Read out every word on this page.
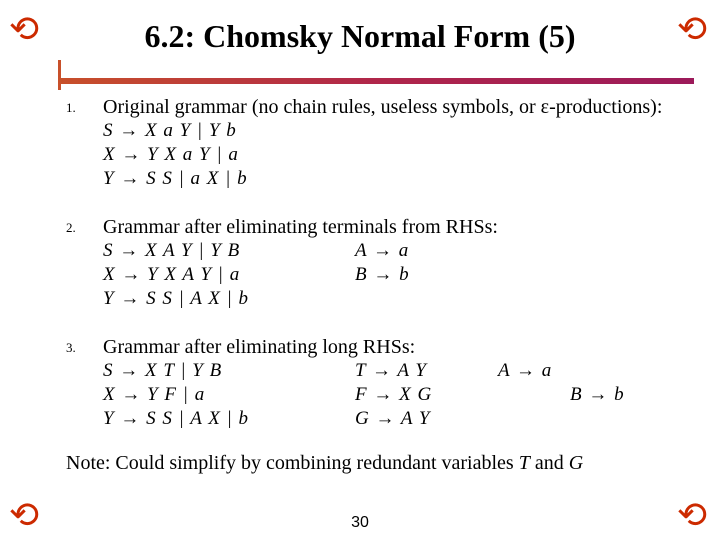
⟲	⟲
⟲	⟲
6.2: Chomsky Normal Form (5)
1. Original grammar (no chain rules, useless symbols, or ε-productions):
S → X a Y | Y b
X → Y X a Y | a
Y → S S | a X | b
2. Grammar after eliminating terminals from RHSs:
S → X A Y | Y B
X → Y X A Y | a
Y → S S | A X | b
A → a
B → b
3. Grammar after eliminating long RHSs:
S → X T | Y B
X → Y F | a
Y → S S | A X | b
T → A Y
F → X G
G → A Y
A → a
B → b
Note: Could simplify by combining redundant variables T and G
30
